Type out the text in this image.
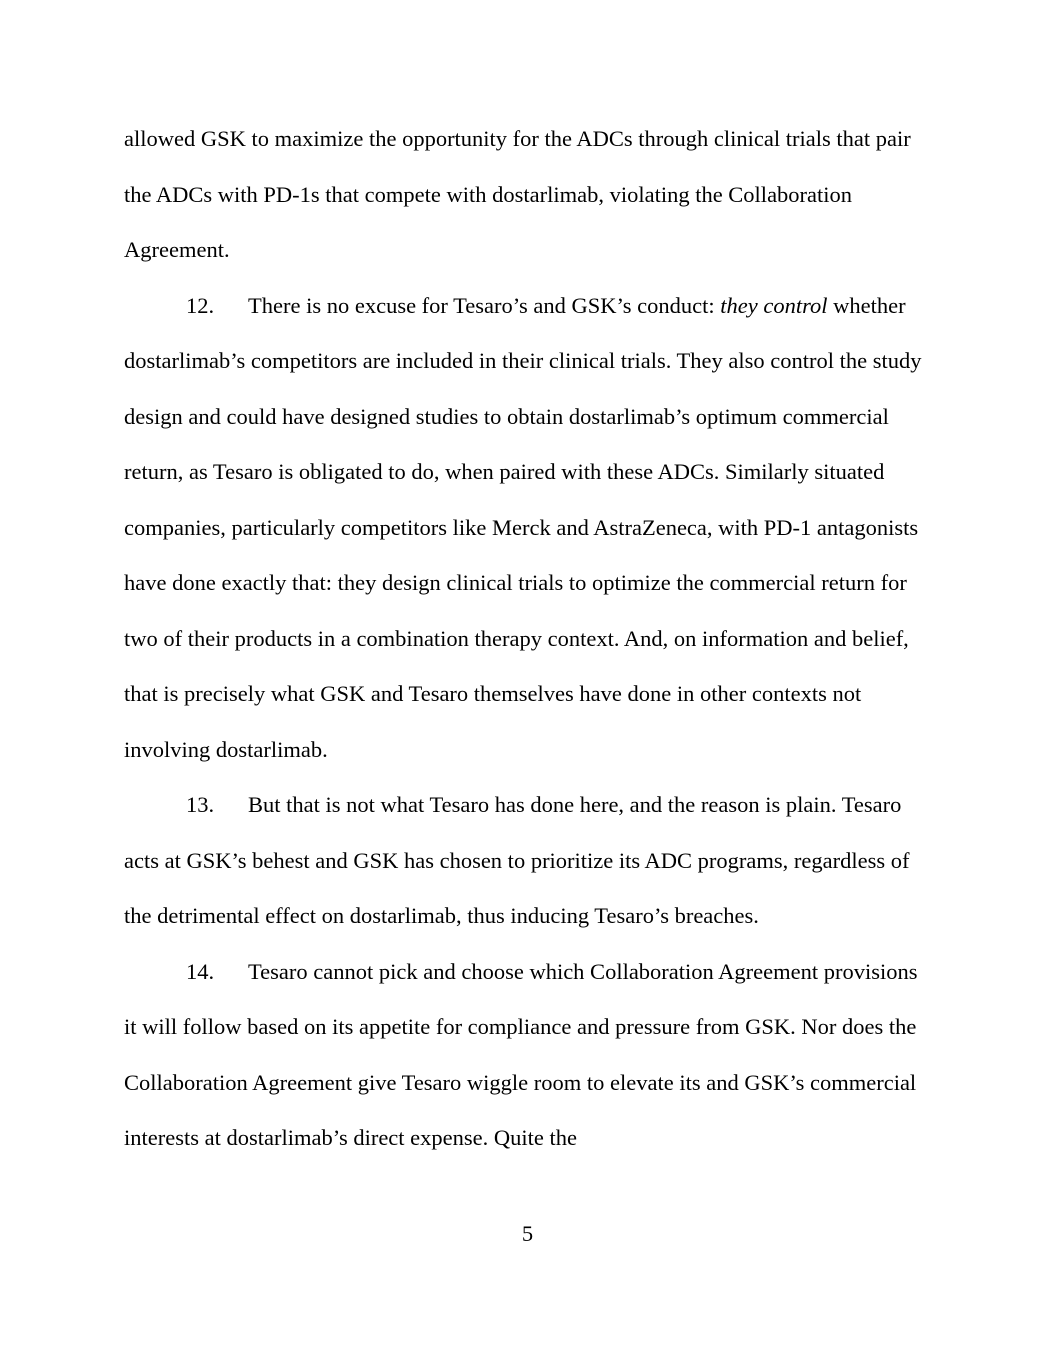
allowed GSK to maximize the opportunity for the ADCs through clinical trials that pair the ADCs with PD-1s that compete with dostarlimab, violating the Collaboration Agreement.

12. There is no excuse for Tesaro’s and GSK’s conduct: they control whether dostarlimab’s competitors are included in their clinical trials. They also control the study design and could have designed studies to obtain dostarlimab’s optimum commercial return, as Tesaro is obligated to do, when paired with these ADCs. Similarly situated companies, particularly competitors like Merck and AstraZeneca, with PD-1 antagonists have done exactly that: they design clinical trials to optimize the commercial return for two of their products in a combination therapy context. And, on information and belief, that is precisely what GSK and Tesaro themselves have done in other contexts not involving dostarlimab.

13. But that is not what Tesaro has done here, and the reason is plain. Tesaro acts at GSK’s behest and GSK has chosen to prioritize its ADC programs, regardless of the detrimental effect on dostarlimab, thus inducing Tesaro’s breaches.

14. Tesaro cannot pick and choose which Collaboration Agreement provisions it will follow based on its appetite for compliance and pressure from GSK. Nor does the Collaboration Agreement give Tesaro wiggle room to elevate its and GSK’s commercial interests at dostarlimab’s direct expense. Quite the

5
